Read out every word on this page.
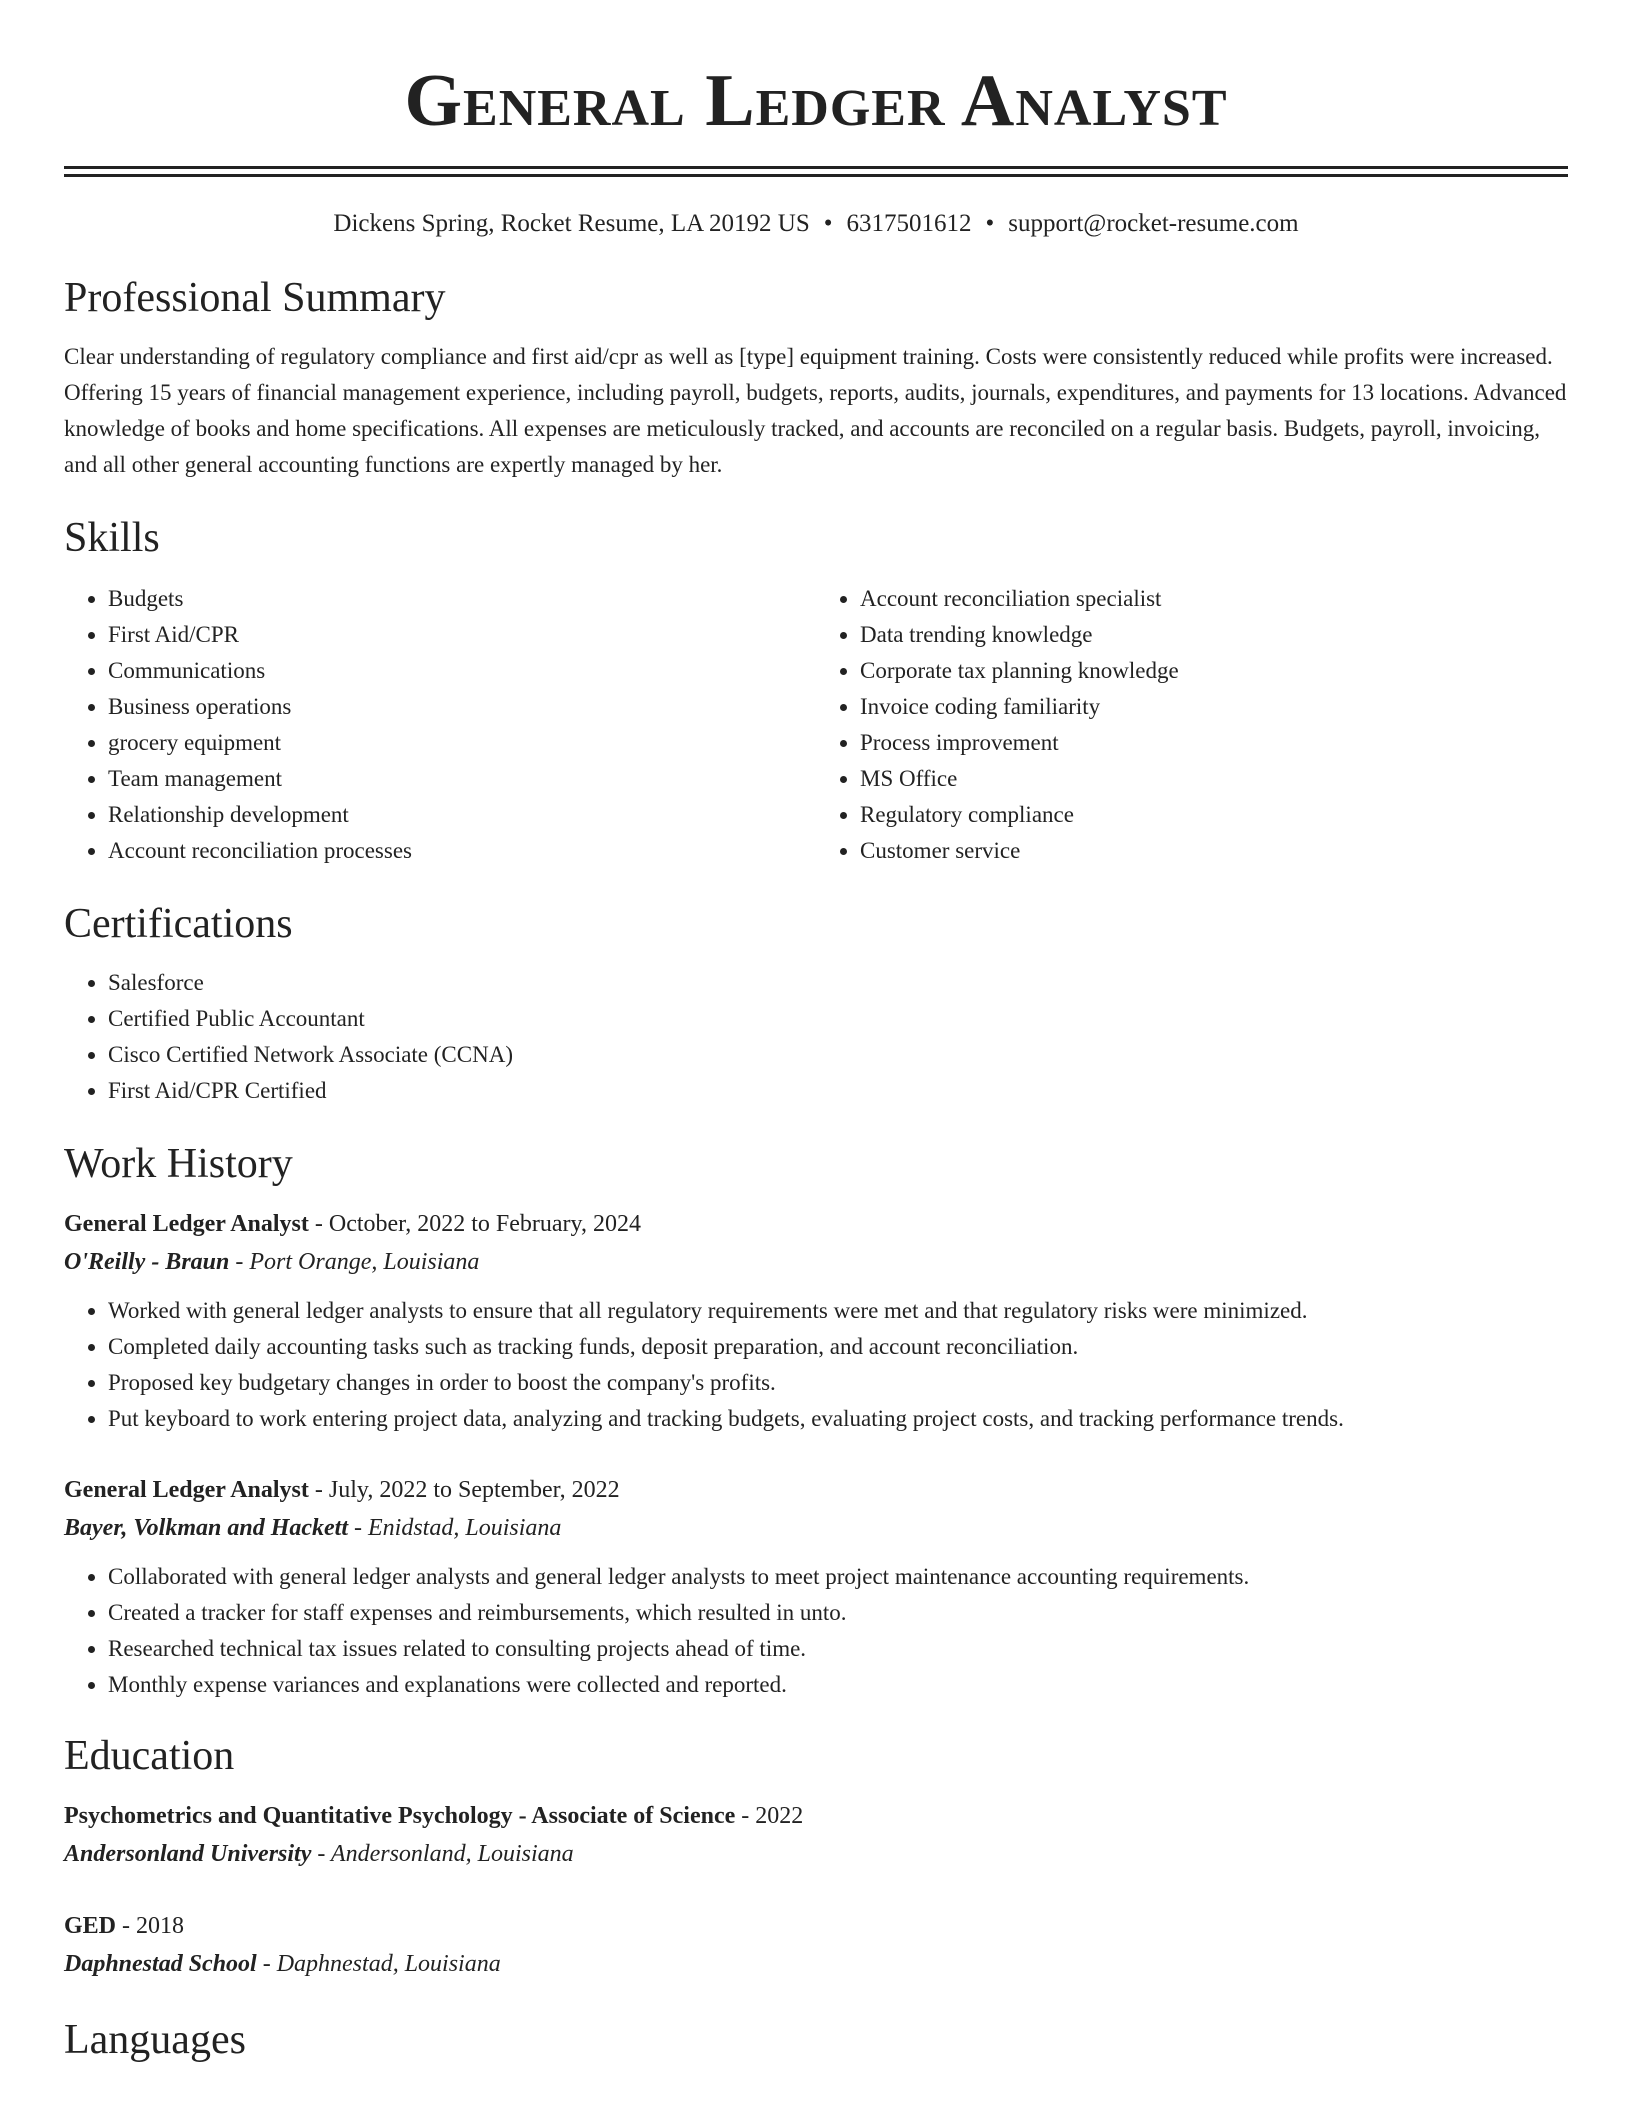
General Ledger Analyst
Dickens Spring, Rocket Resume, LA 20192 US • 6317501612 • support@rocket-resume.com
Professional Summary

Clear understanding of regulatory compliance and first aid/cpr as well as [type] equipment training. Costs were consistently reduced while profits were increased. Offering 15 years of financial management experience, including payroll, budgets, reports, audits, journals, expenditures, and payments for 13 locations. Advanced knowledge of books and home specifications. All expenses are meticulously tracked, and accounts are reconciled on a regular basis. Budgets, payroll, invoicing, and all other general accounting functions are expertly managed by her.

Skills
• Budgets
• First Aid/CPR
• Communications
• Business operations
• grocery equipment
• Team management
• Relationship development
• Account reconciliation processes
• Account reconciliation specialist
• Data trending knowledge
• Corporate tax planning knowledge
• Invoice coding familiarity
• Process improvement
• MS Office
• Regulatory compliance
• Customer service
Certifications
• Salesforce
• Certified Public Accountant
• Cisco Certified Network Associate (CCNA)
• First Aid/CPR Certified
Work History
General Ledger Analyst - October, 2022 to February, 2024
O'Reilly - Braun - Port Orange, Louisiana
• Worked with general ledger analysts to ensure that all regulatory requirements were met and that regulatory risks were minimized.
• Completed daily accounting tasks such as tracking funds, deposit preparation, and account reconciliation.
• Proposed key budgetary changes in order to boost the company's profits.
• Put keyboard to work entering project data, analyzing and tracking budgets, evaluating project costs, and tracking performance trends.
General Ledger Analyst - July, 2022 to September, 2022
Bayer, Volkman and Hackett - Enidstad, Louisiana
• Collaborated with general ledger analysts and general ledger analysts to meet project maintenance accounting requirements.
• Created a tracker for staff expenses and reimbursements, which resulted in unto.
• Researched technical tax issues related to consulting projects ahead of time.
• Monthly expense variances and explanations were collected and reported.
Education
Psychometrics and Quantitative Psychology - Associate of Science - 2022
Andersonland University - Andersonland, Louisiana
GED - 2018
Daphnestad School - Daphnestad, Louisiana
Languages
